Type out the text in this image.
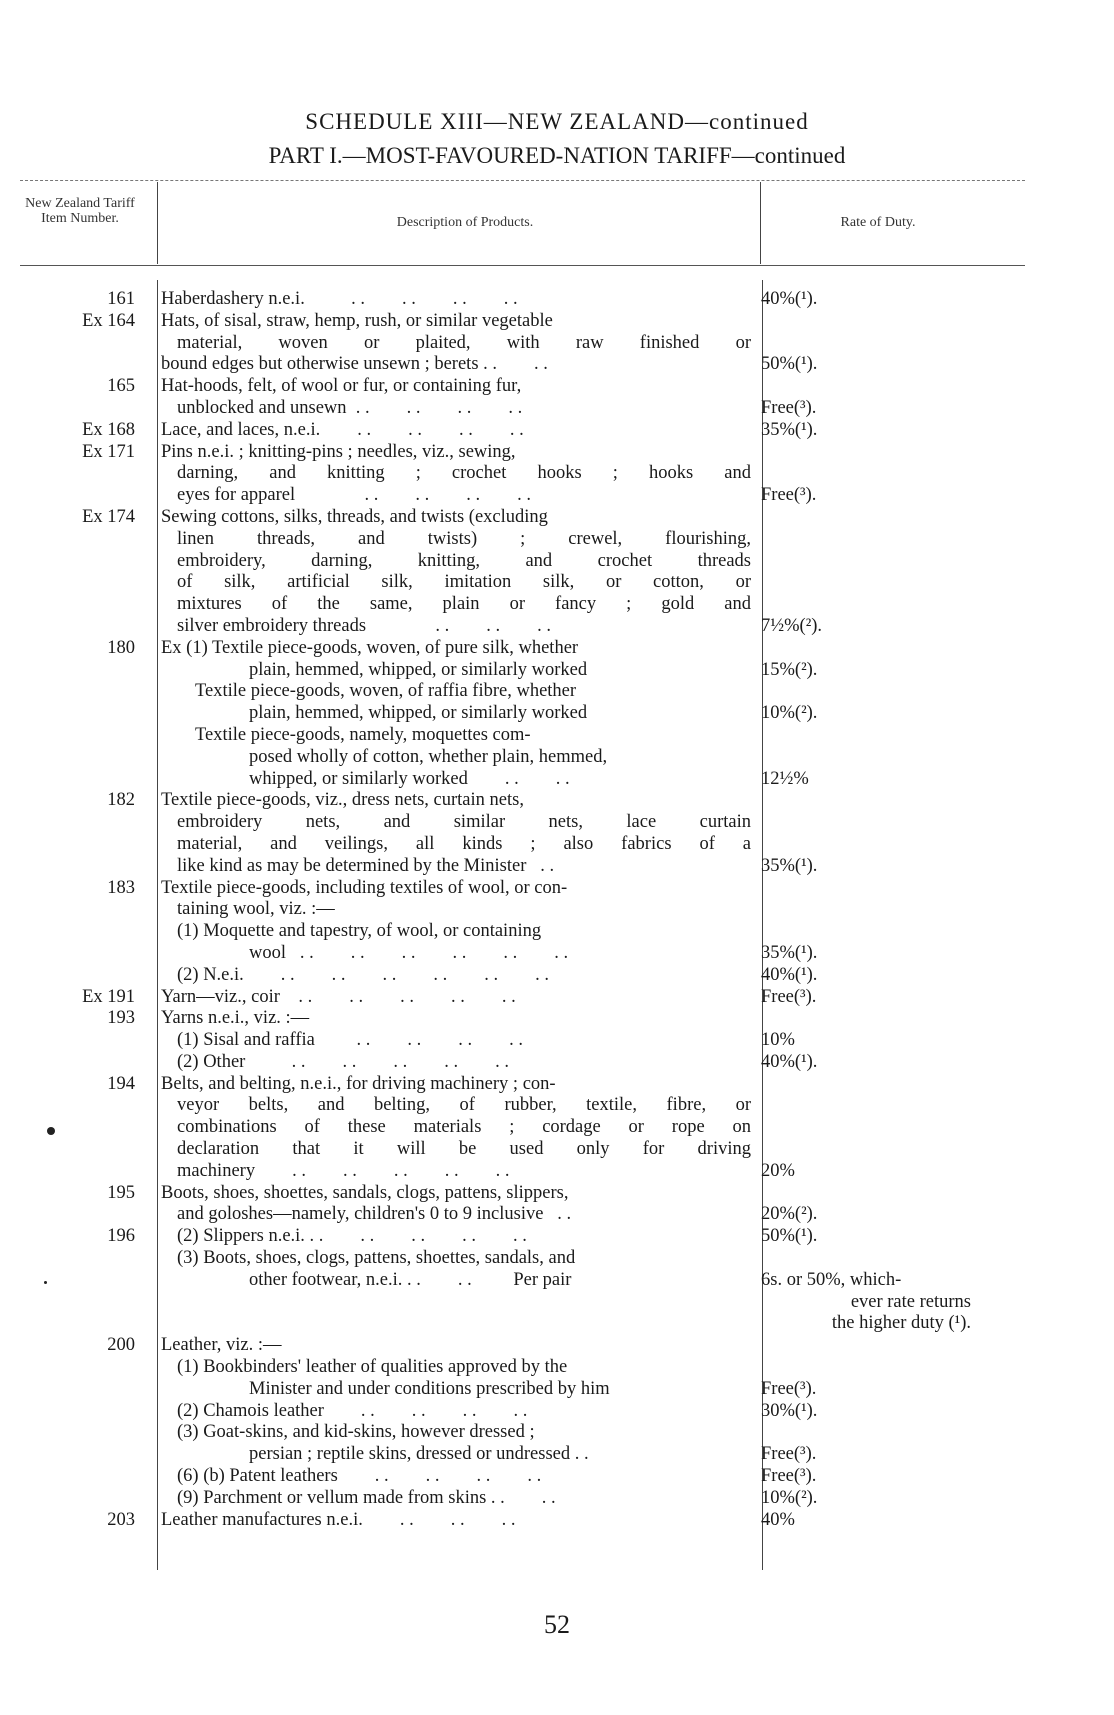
SCHEDULE XIII—NEW ZEALAND—continued
PART I.—MOST-FAVOURED-NATION TARIFF—continued
New Zealand Tariff Item Number.	Description of Products.	Rate of Duty.
161 Haberdashery n.e.i.          . .        . .        . .        . .	40%(¹).
Ex 164 Hats, of sisal, straw, hemp, rush, or similar vegetable
material, woven or plaited, with raw finished or
bound edges but otherwise unsewn ; berets . .        . .	50%(¹).
165 Hat-hoods, felt, of wool or fur, or containing fur,
unblocked and unsewn  . .        . .        . .        . .	Free(³).
Ex 168 Lace, and laces, n.e.i.        . .        . .        . .        . .	35%(¹).
Ex 171 Pins n.e.i. ; knitting-pins ; needles, viz., sewing,
darning, and knitting ; crochet hooks ; hooks and
eyes for apparel               . .        . .        . .        . .	Free(³).
Ex 174 Sewing cottons, silks, threads, and twists (excluding
linen threads, and twists) ; crewel, flourishing,
embroidery, darning, knitting, and crochet threads
of silk, artificial silk, imitation silk, or cotton, or
mixtures of the same, plain or fancy ; gold and
silver embroidery threads               . .        . .        . .	7½%(²).
180 Ex (1) Textile piece-goods, woven, of pure silk, whether
plain, hemmed, whipped, or similarly worked	15%(²).
Textile piece-goods, woven, of raffia fibre, whether
plain, hemmed, whipped, or similarly worked	10%(²).
Textile piece-goods, namely, moquettes com-
posed wholly of cotton, whether plain, hemmed,
whipped, or similarly worked        . .        . .	12½%
182 Textile piece-goods, viz., dress nets, curtain nets,
embroidery nets, and similar nets, lace curtain
material, and veilings, all kinds ; also fabrics of a
like kind as may be determined by the Minister   . .	35%(¹).
183 Textile piece-goods, including textiles of wool, or con-
taining wool, viz. :—
(1) Moquette and tapestry, of wool, or containing
wool   . .        . .        . .        . .        . .        . .	35%(¹).
(2) N.e.i.        . .        . .        . .        . .        . .        . .	40%(¹).
Ex 191 Yarn—viz., coir    . .        . .        . .        . .        . .	Free(³).
193 Yarns n.e.i., viz. :—
(1) Sisal and raffia         . .        . .        . .        . .	10%
(2) Other          . .        . .        . .        . .        . .	40%(¹).
194 Belts, and belting, n.e.i., for driving machinery ; con-
veyor belts, and belting, of rubber, textile, fibre, or
combinations of these materials ; cordage or rope on
declaration that it will be used only for driving
machinery        . .        . .        . .        . .        . .	20%
195 Boots, shoes, shoettes, sandals, clogs, pattens, slippers,
and goloshes—namely, children's 0 to 9 inclusive   . .	20%(²).
196	(2) Slippers n.e.i. . .        . .        . .        . .        . .	50%(¹).
(3) Boots, shoes, clogs, pattens, shoettes, sandals, and
other footwear, n.e.i. . .        . .         Per pair	6s. or 50%, which-
ever rate returns
the higher duty (¹).
200 Leather, viz. :—
(1) Bookbinders' leather of qualities approved by the
Minister and under conditions prescribed by him	Free(³).
(2) Chamois leather        . .        . .        . .        . .	30%(¹).
(3) Goat-skins, and kid-skins, however dressed ;
persian ; reptile skins, dressed or undressed . .	Free(³).
(6) (b) Patent leathers        . .        . .        . .        . .	Free(³).
(9) Parchment or vellum made from skins . .        . .	10%(²).
203 Leather manufactures n.e.i.        . .        . .        . .	40%
52
